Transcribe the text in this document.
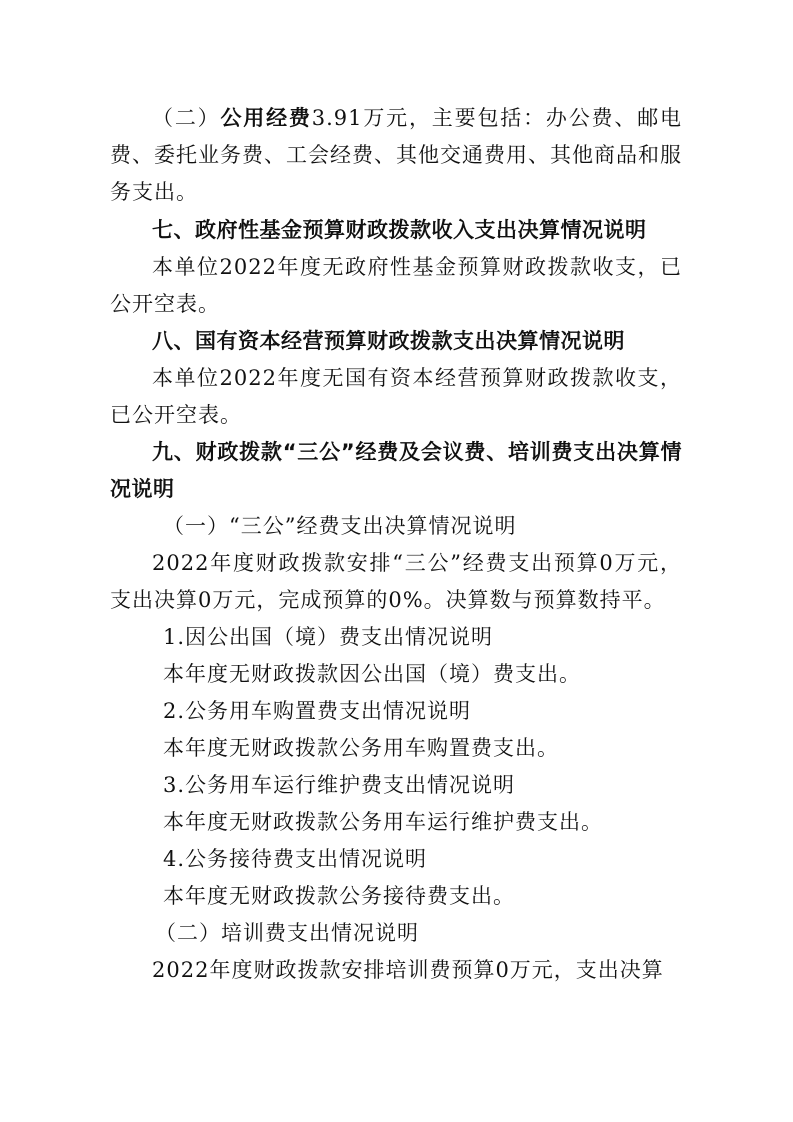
（二）公用经费3.91万元，主要包括：办公费、邮电费、委托业务费、工会经费、其他交通费用、其他商品和服务支出。

七、政府性基金预算财政拨款收入支出决算情况说明

本单位2022年度无政府性基金预算财政拨款收支，已公开空表。

八、国有资本经营预算财政拨款支出决算情况说明

本单位2022年度无国有资本经营预算财政拨款收支，已公开空表。

九、财政拨款“三公”经费及会议费、培训费支出决算情况说明

（一）“三公”经费支出决算情况说明

2022年度财政拨款安排“三公”经费支出预算0万元，支出决算0万元，完成预算的0%。决算数与预算数持平。

1.因公出国（境）费支出情况说明

本年度无财政拨款因公出国（境）费支出。

2.公务用车购置费支出情况说明

本年度无财政拨款公务用车购置费支出。

3.公务用车运行维护费支出情况说明

本年度无财政拨款公务用车运行维护费支出。

4.公务接待费支出情况说明

本年度无财政拨款公务接待费支出。

（二）培训费支出情况说明

2022年度财政拨款安排培训费预算0万元，支出决算
